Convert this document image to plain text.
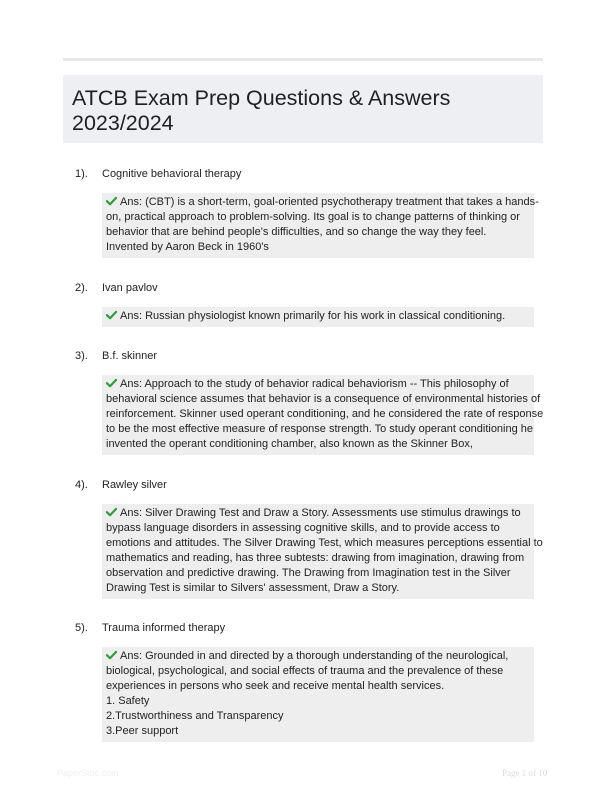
ATCB Exam Prep Questions & Answers
2023/2024
1). Cognitive behavioral therapy
Ans: (CBT) is a short-term, goal-oriented psychotherapy treatment that takes a hands-
on, practical approach to problem-solving. Its goal is to change patterns of thinking or
behavior that are behind people's difficulties, and so change the way they feel.
Invented by Aaron Beck in 1960's
2). Ivan pavlov
Ans: Russian physiologist known primarily for his work in classical conditioning.
3). B.f. skinner
Ans: Approach to the study of behavior radical behaviorism -- This philosophy of
behavioral science assumes that behavior is a consequence of environmental histories of
reinforcement. Skinner used operant conditioning, and he considered the rate of response
to be the most effective measure of response strength. To study operant conditioning he
invented the operant conditioning chamber, also known as the Skinner Box,
4). Rawley silver
Ans: Silver Drawing Test and Draw a Story. Assessments use stimulus drawings to
bypass language disorders in assessing cognitive skills, and to provide access to
emotions and attitudes. The Silver Drawing Test, which measures perceptions essential to
mathematics and reading, has three subtests: drawing from imagination, drawing from
observation and predictive drawing. The Drawing from Imagination test in the Silver
Drawing Test is similar to Silvers' assessment, Draw a Story.
5). Trauma informed therapy
Ans: Grounded in and directed by a thorough understanding of the neurological,
biological, psychological, and social effects of trauma and the prevalence of these
experiences in persons who seek and receive mental health services.
1. Safety
2.Trustworthiness and Transparency
3.Peer support
PaperStoc.com	Page 1 of 10
